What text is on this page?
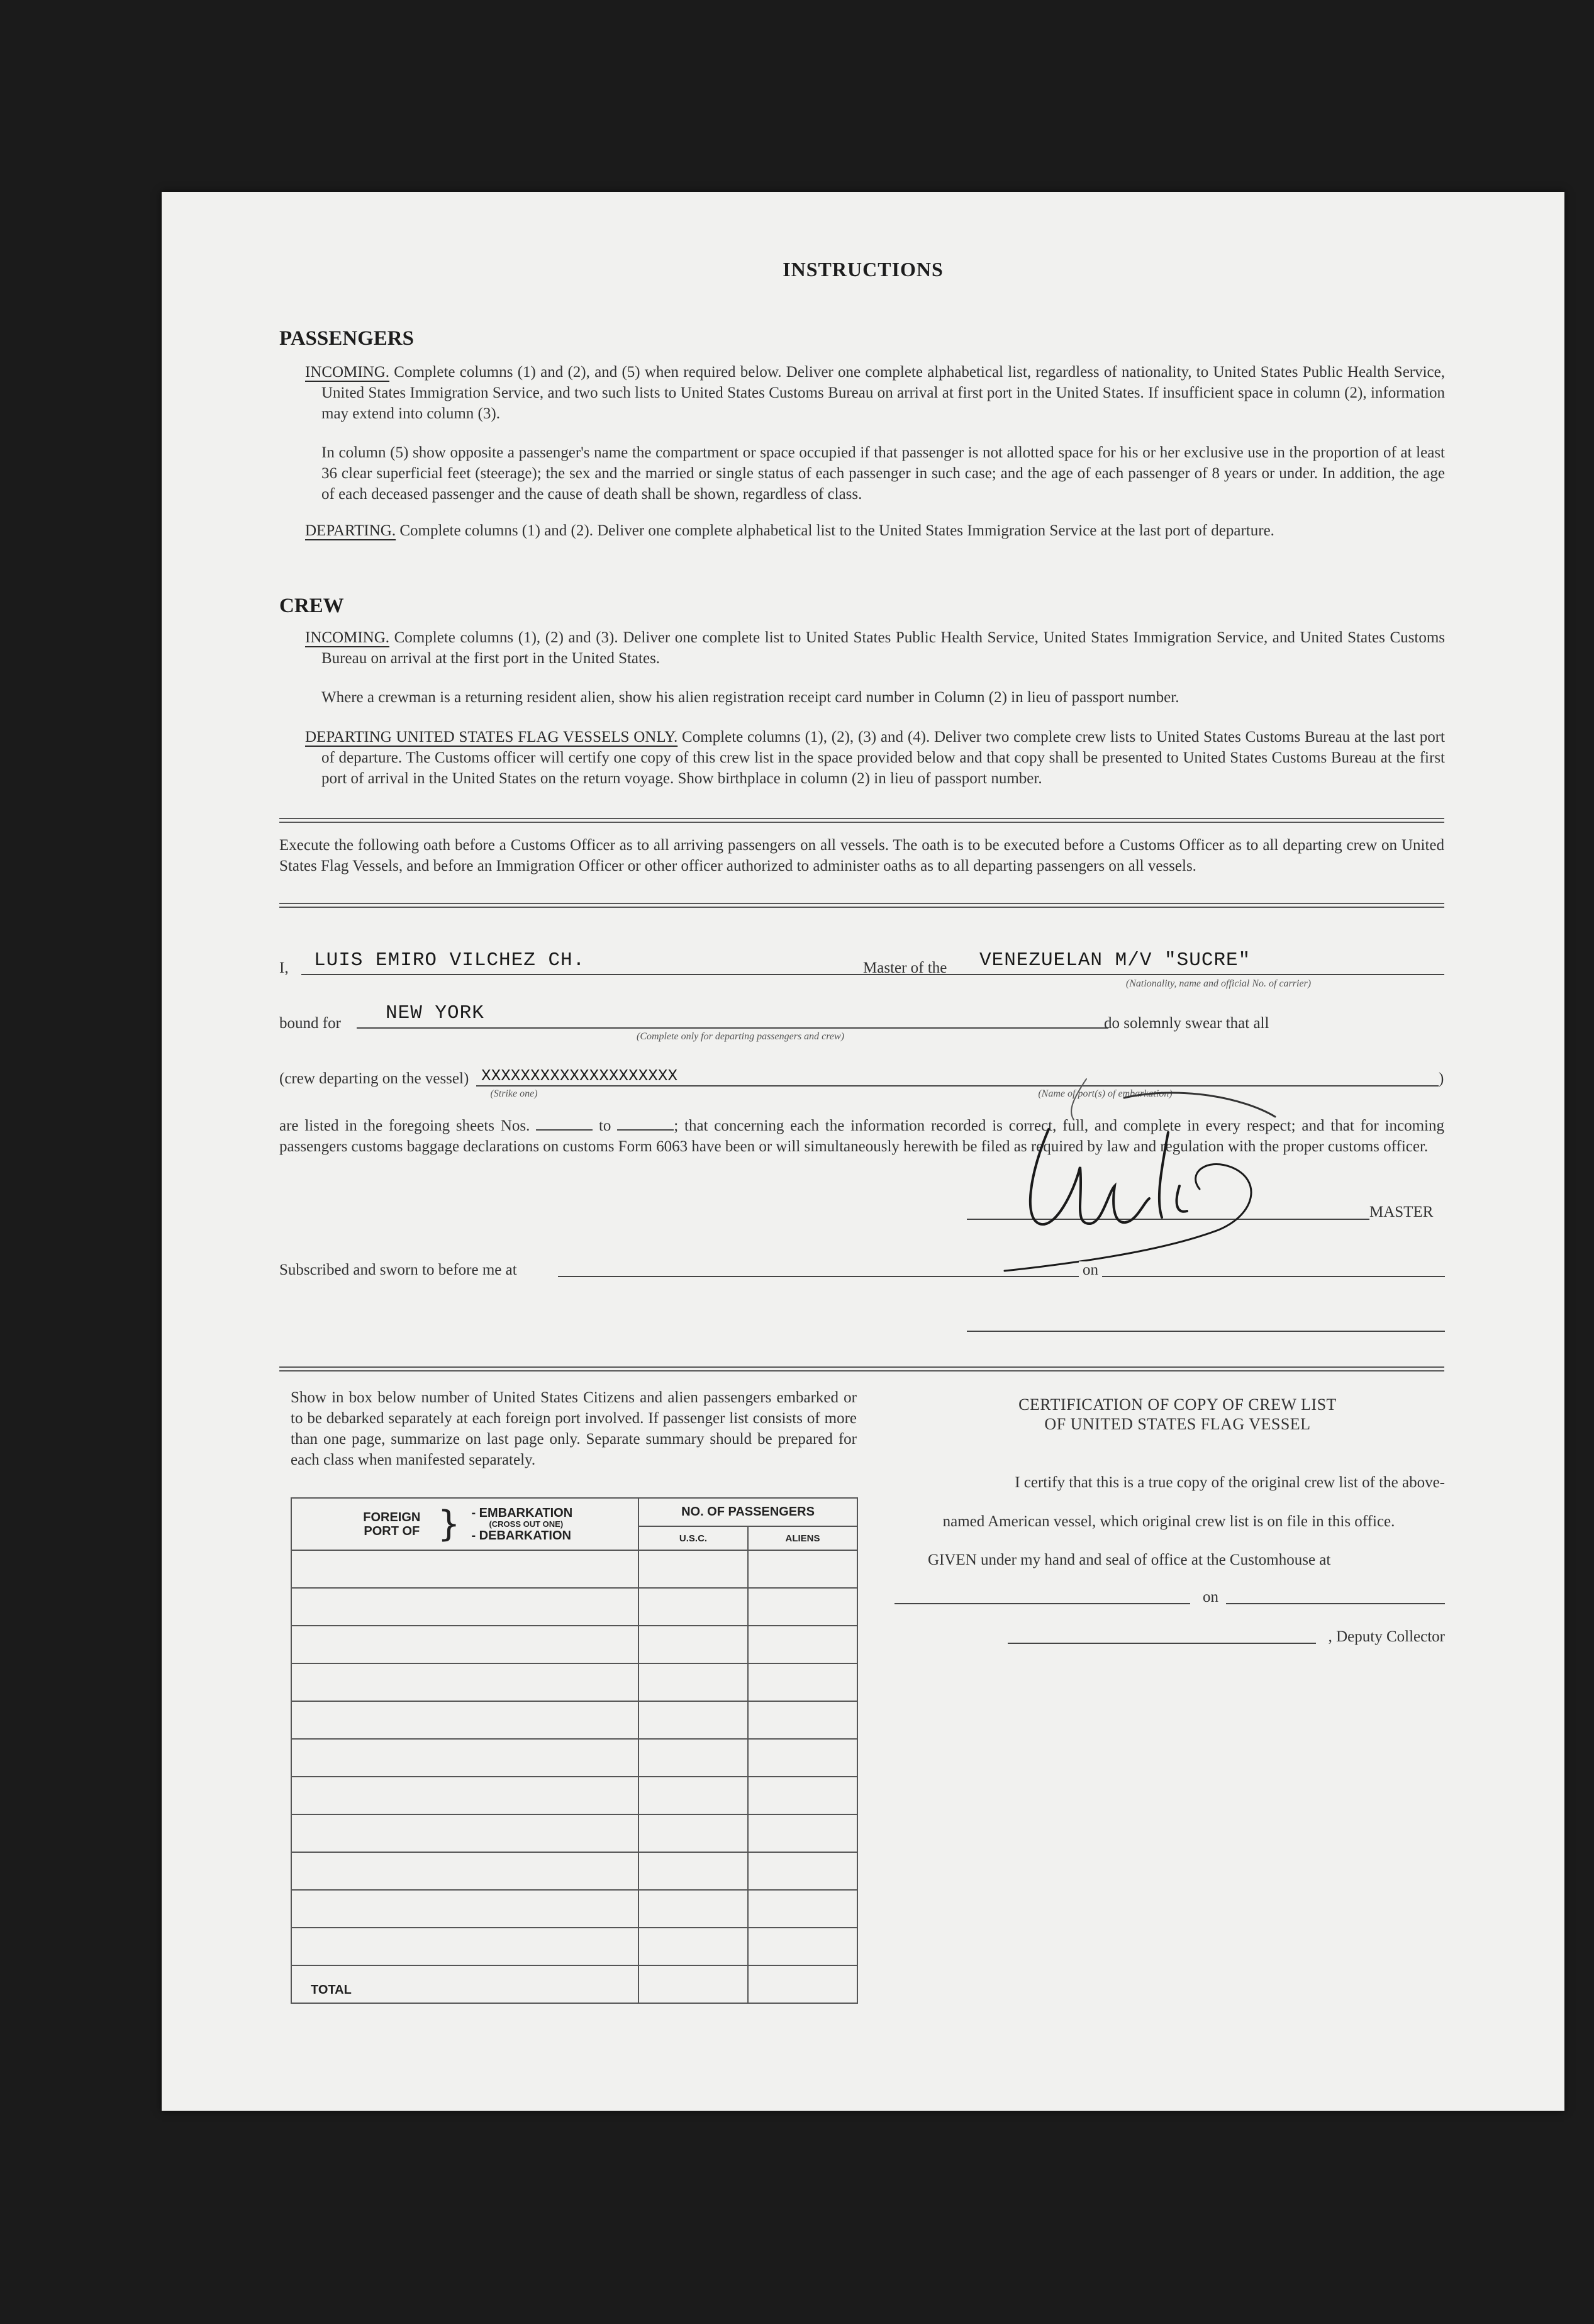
INSTRUCTIONS
PASSENGERS
INCOMING. Complete columns (1) and (2), and (5) when required below. Deliver one complete alphabetical list, regardless of nationality, to United States Public Health Service, United States Immigration Service, and two such lists to United States Customs Bureau on arrival at first port in the United States. If insufficient space in column (2), information may extend into column (3).
In column (5) show opposite a passenger's name the compartment or space occupied if that passenger is not allotted space for his or her exclusive use in the proportion of at least 36 clear superficial feet (steerage); the sex and the married or single status of each passenger in such case; and the age of each passenger of 8 years or under. In addition, the age of each deceased passenger and the cause of death shall be shown, regardless of class.
DEPARTING. Complete columns (1) and (2). Deliver one complete alphabetical list to the United States Immigration Service at the last port of departure.
CREW
INCOMING. Complete columns (1), (2) and (3). Deliver one complete list to United States Public Health Service, United States Immigration Service, and United States Customs Bureau on arrival at the first port in the United States.
Where a crewman is a returning resident alien, show his alien registration receipt card number in Column (2) in lieu of passport number.
DEPARTING UNITED STATES FLAG VESSELS ONLY. Complete columns (1), (2), (3) and (4). Deliver two complete crew lists to United States Customs Bureau at the last port of departure. The Customs officer will certify one copy of this crew list in the space provided below and that copy shall be presented to United States Customs Bureau at the first port of arrival in the United States on the return voyage. Show birthplace in column (2) in lieu of passport number.
Execute the following oath before a Customs Officer as to all arriving passengers on all vessels. The oath is to be executed before a Customs Officer as to all departing crew on United States Flag Vessels, and before an Immigration Officer or other officer authorized to administer oaths as to all departing passengers on all vessels.
I, LUIS EMIRO VILCHEZ CH.	Master of the VENEZUELAN M/V "SUCRE"
(Nationality, name and official No. of carrier)
bound for NEW YORK
(Complete only for departing passengers and crew)
do solemnly swear that all
(crew departing on the vessel) XXXXXXXXXXXXXXXXXXXX	)
(Strike one)	(Name of port(s) of embarkation)
are listed in the foregoing sheets Nos.	to	; that concerning each the information recorded is correct, full, and complete in every respect; and that for incoming passengers customs baggage declarations on customs Form 6063 have been or will simultaneously herewith be filed as required by law and regulation with the proper customs officer.
MASTER
Subscribed and sworn to before me at	on
Show in box below number of United States Citizens and alien passengers embarked or to be debarked separately at each foreign port involved. If passenger list consists of more than one page, summarize on last page only. Separate summary should be prepared for each class when manifested separately.
FOREIGN PORT OF } - EMBARKATION
(CROSS OUT ONE)
- DEBARKATION	NO. OF PASSENGERS	
	U.S.C.	ALIENS

TOTAL		
CERTIFICATION OF COPY OF CREW LIST
OF UNITED STATES FLAG VESSEL
I certify that this is a true copy of the original crew list of the above-
named American vessel, which original crew list is on file in this office.
GIVEN under my hand and seal of office at the Customhouse at
on
, Deputy Collector
